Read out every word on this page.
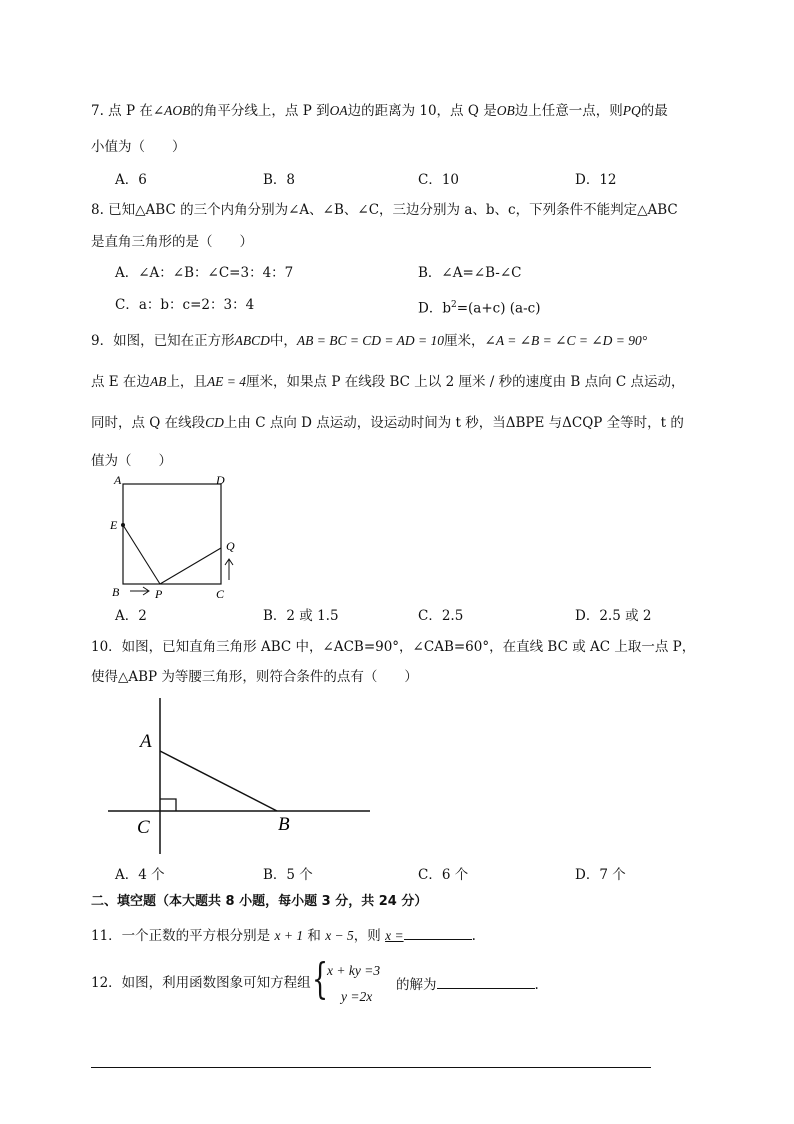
7. 点 P 在∠AOB的角平分线上，点 P 到OA边的距离为 10，点 Q 是OB边上任意一点，则PQ的最
小值为（　　）
A．6	B．8	C．10	D．12
8. 已知△ABC 的三个内角分别为∠A、∠B、∠C，三边分别为 a、b、c，下列条件不能判定△ABC
是直角三角形的是（　　）
A．∠A：∠B：∠C=3：4：7	B．∠A=∠B-∠C
C．a：b：c=2：3：4	D．$b^2=(a+c)$ (a-c)
9．如图，已知在正方形ABCD中，AB = BC = CD = AD = 10厘米，∠A = ∠B = ∠C = ∠D = 90°
点 E 在边AB上，且AE = 4厘米，如果点 P 在线段 BC 上以 2 厘米 / 秒的速度由 B 点向 C 点运动，
同时，点 Q 在线段CD上由 C 点向 D 点运动，设运动时间为 t 秒，当ΔBPE 与ΔCQP 全等时，t 的
值为（　　）
A	D
E
Q
B	P	C
A．2	B．2 或 1.5	C．2.5	D．2.5 或 2
10．如图，已知直角三角形 ABC 中，∠ACB=90°，∠CAB=60°，在直线 BC 或 AC 上取一点 P，
使得△ABP 为等腰三角形，则符合条件的点有（　　）
A
C	B
A．4 个	B．5 个	C．6 个	D．7 个
二、填空题（本大题共 8 小题，每小题 3 分，共 24 分）
11．一个正数的平方根分别是 x + 1 和 x − 5，则 x =	.
12．如图，利用函数图象可知方程组 {
x + ky =3
y =2x
的解为	.
